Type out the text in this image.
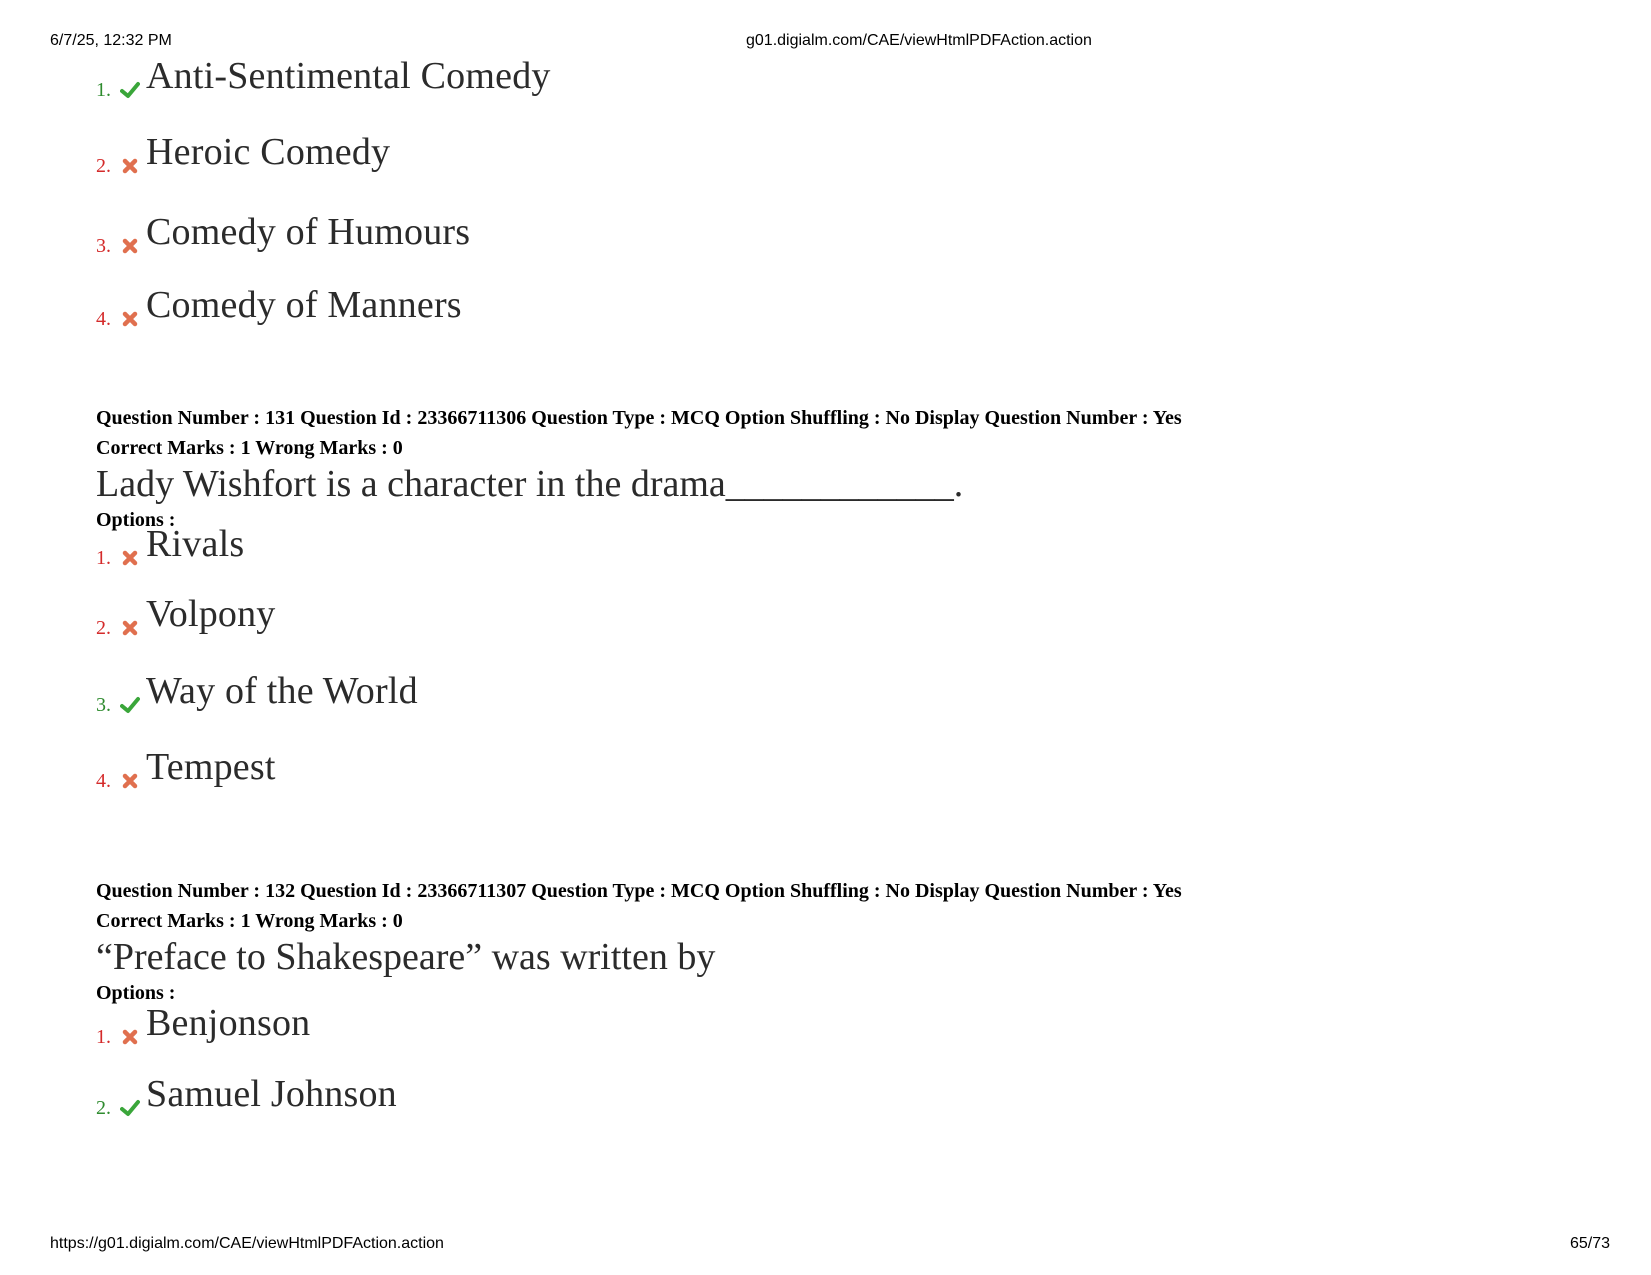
6/7/25, 12:32 PM	g01.digialm.com/CAE/viewHtmlPDFAction.action
https://g01.digialm.com/CAE/viewHtmlPDFAction.action	65/73
1. Anti-Sentimental Comedy
2. Heroic Comedy
3. Comedy of Humours
4. Comedy of Manners
Question Number : 131 Question Id : 23366711306 Question Type : MCQ Option Shuffling : No Display Question Number : Yes
Correct Marks : 1 Wrong Marks : 0
Lady Wishfort is a character in the drama____________.
Options :
1. Rivals
2. Volpony
3. Way of the World
4. Tempest
Question Number : 132 Question Id : 23366711307 Question Type : MCQ Option Shuffling : No Display Question Number : Yes
Correct Marks : 1 Wrong Marks : 0
“Preface to Shakespeare” was written by
Options :
1. Benjonson
2. Samuel Johnson
